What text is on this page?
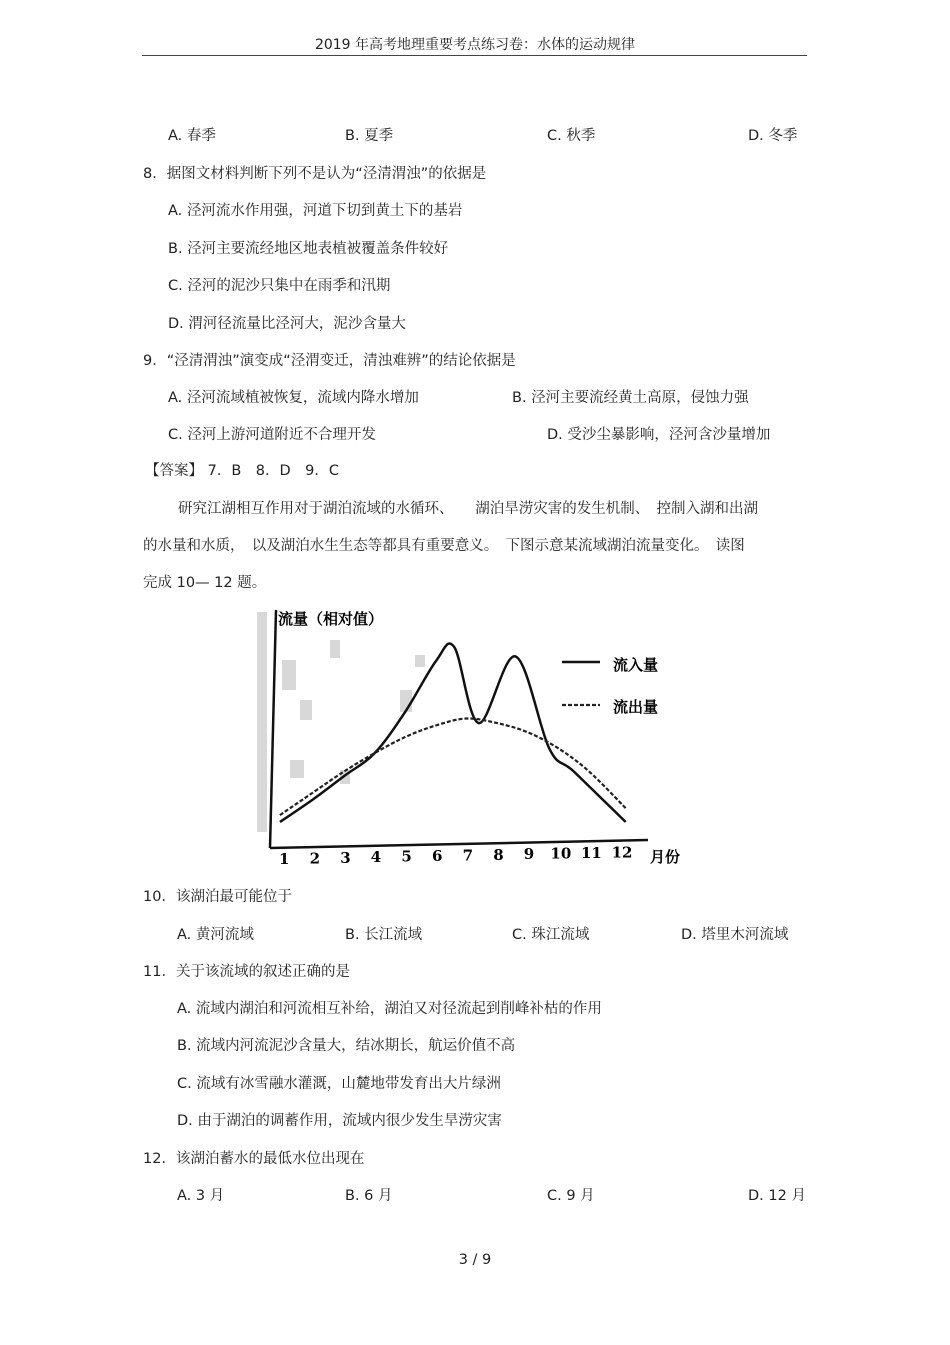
2019 年高考地理重要考点练习卷：水体的运动规律
A. 春季	B. 夏季	C. 秋季	D. 冬季
8．据图文材料判断下列不是认为“泾清渭浊”的依据是
A. 泾河流水作用强，河道下切到黄土下的基岩
B. 泾河主要流经地区地表植被覆盖条件较好
C. 泾河的泥沙只集中在雨季和汛期
D. 渭河径流量比泾河大，泥沙含量大
9．“泾清渭浊”演变成“泾渭变迁，清浊难辨”的结论依据是
A. 泾河流域植被恢复，流域内降水增加	B. 泾河主要流经黄土高原，侵蚀力强
C. 泾河上游河道附近不合理开发	D. 受沙尘暴影响，泾河含沙量增加
【答案】 7．B　8．D　9．C
研究江湖相互作用对于湖泊流域的水循环、　　湖泊旱涝灾害的发生机制、　控制入湖和出湖
的水量和水质，　以及湖泊水生生态等都具有重要意义。　下图示意某流域湖泊流量变化。　读图
完成 10— 12 题。
流量（相对值）
1 2 3 4 5 6 7 8 9 10 11 12 月份
流入量
流出量
10．该湖泊最可能位于
A. 黄河流域	B. 长江流域	C. 珠江流域	D. 塔里木河流域
11．关于该流域的叙述正确的是
A. 流域内湖泊和河流相互补给，湖泊又对径流起到削峰补枯的作用
B. 流域内河流泥沙含量大，结冰期长，航运价值不高
C. 流域有冰雪融水灌溉，山麓地带发育出大片绿洲
D. 由于湖泊的调蓄作用，流域内很少发生旱涝灾害
12．该湖泊蓄水的最低水位出现在
A. 3 月	B. 6 月	C. 9 月	D. 12 月
3 / 9
